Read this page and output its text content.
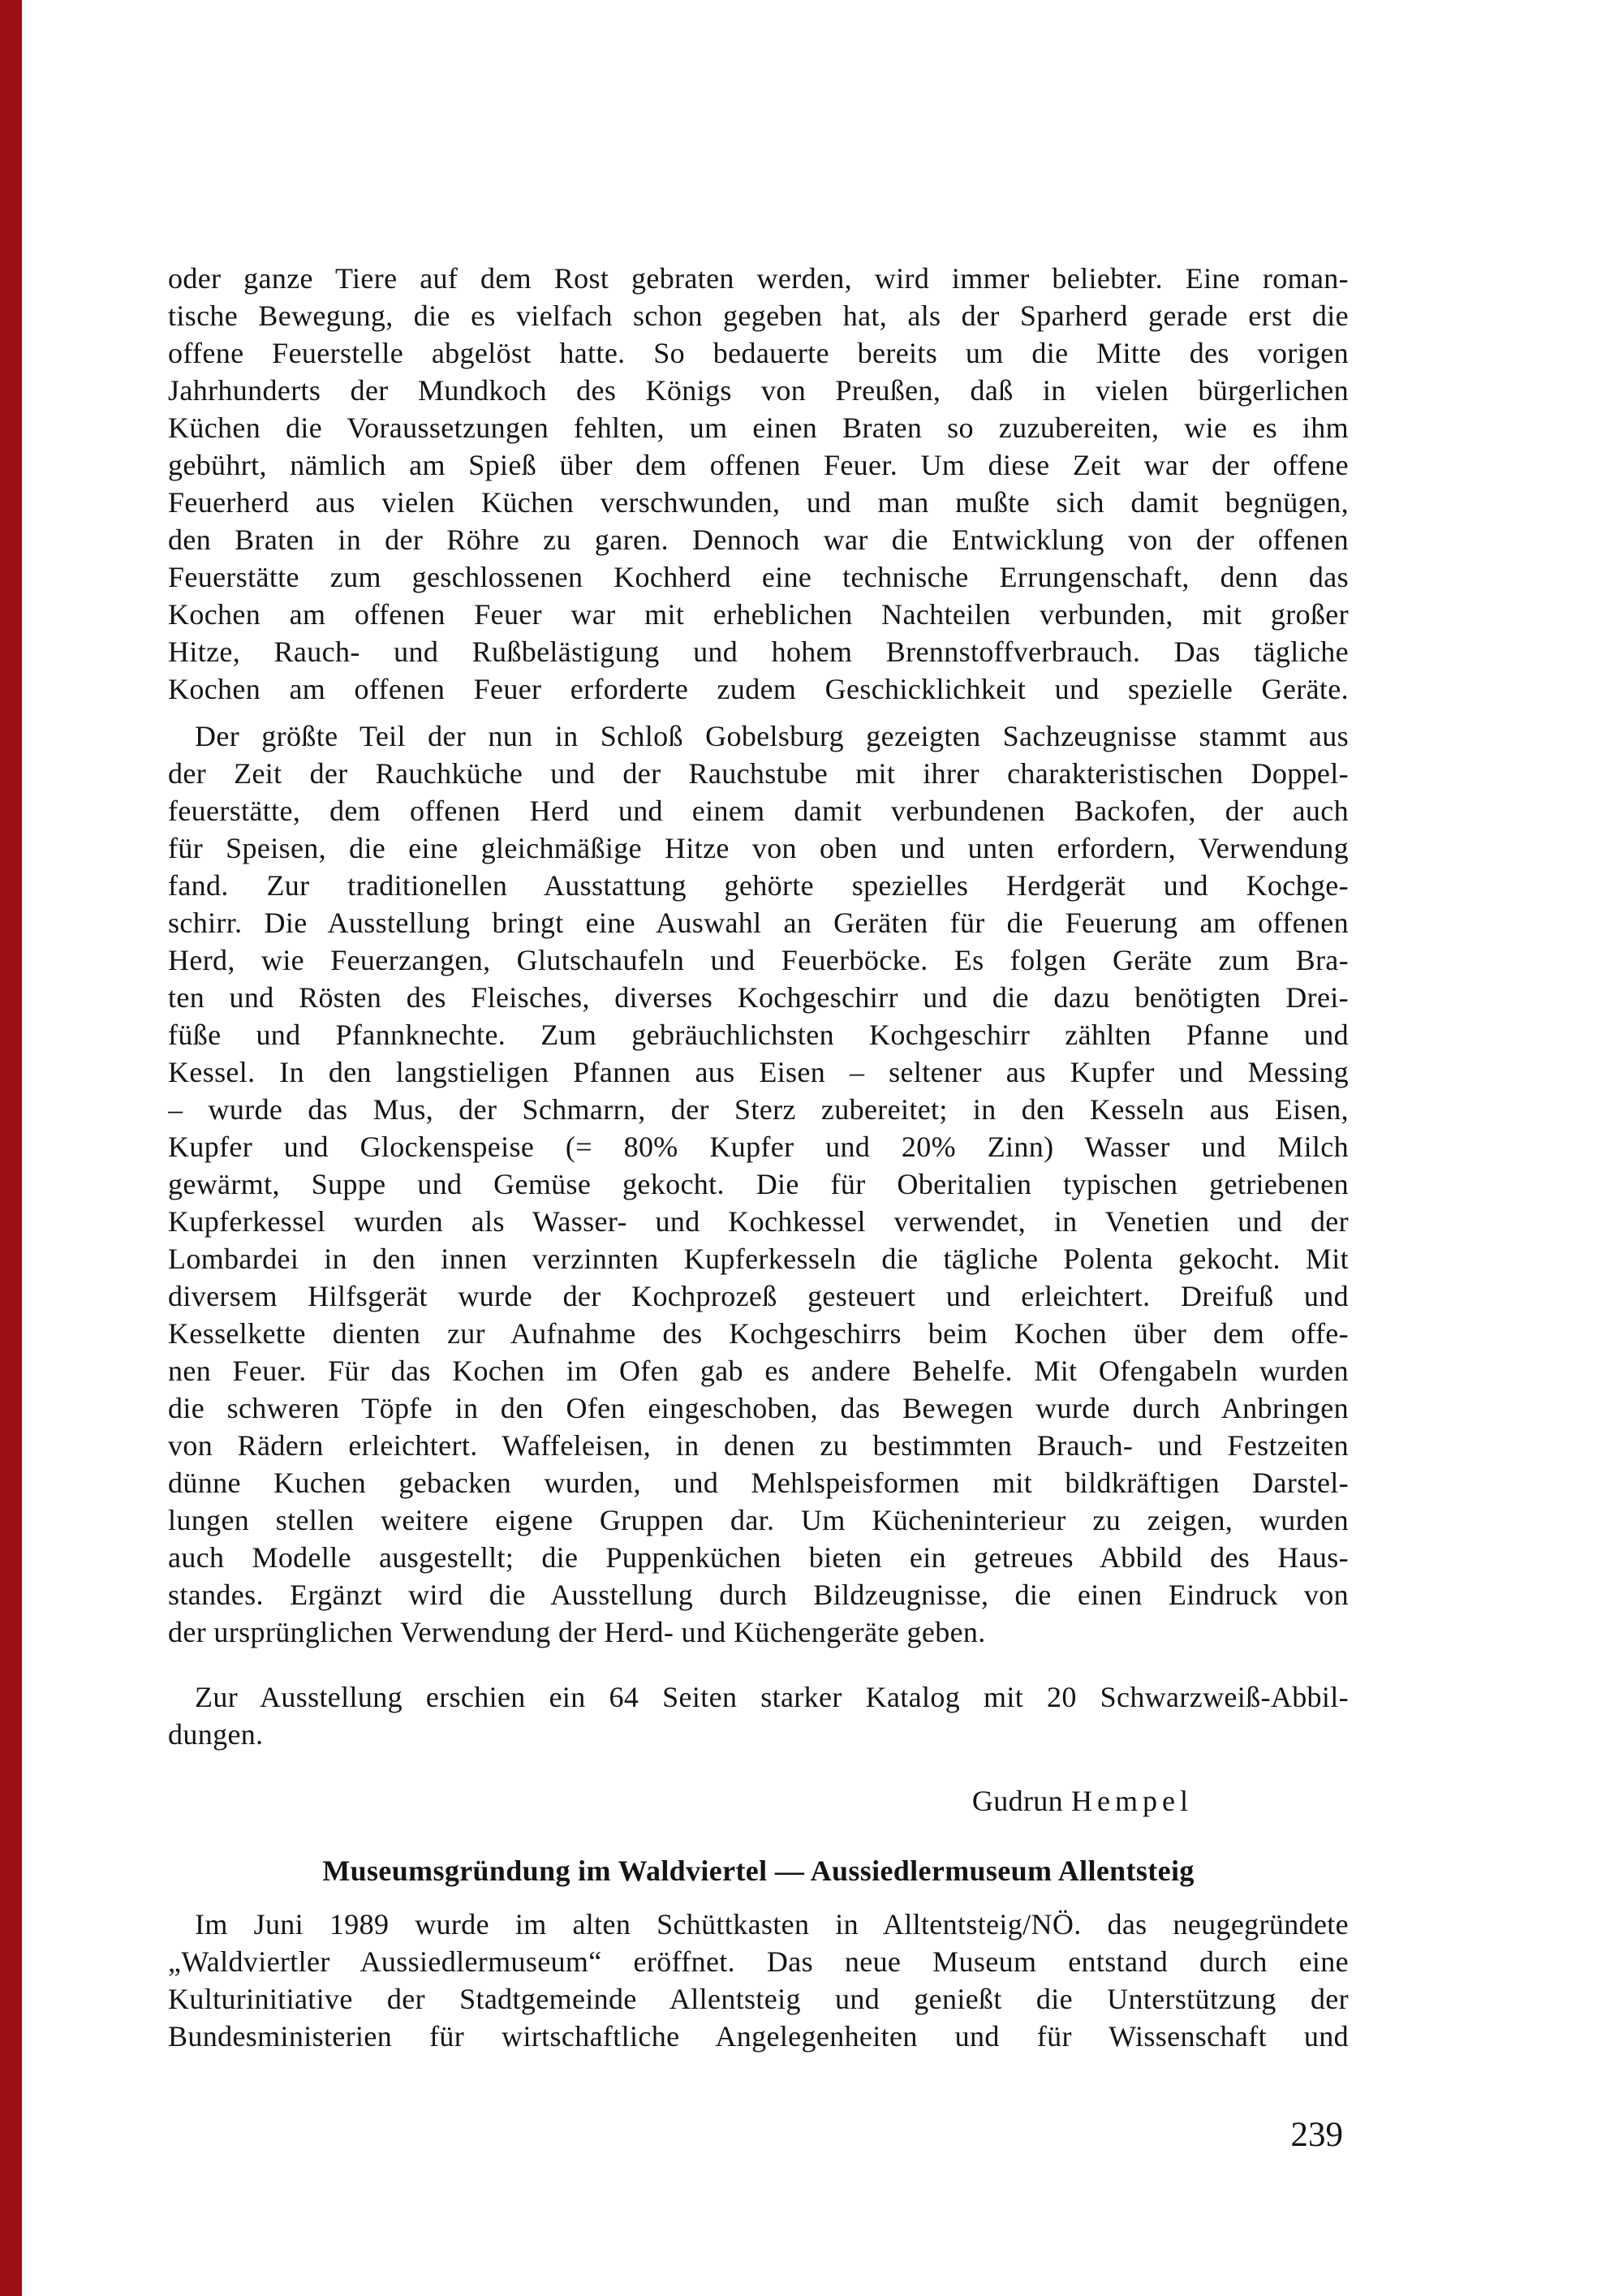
oder ganze Tiere auf dem Rost gebraten werden, wird immer beliebter. Eine roman-
tische Bewegung, die es vielfach schon gegeben hat, als der Sparherd gerade erst die
offene Feuerstelle abgelöst hatte. So bedauerte bereits um die Mitte des vorigen
Jahrhunderts der Mundkoch des Königs von Preußen, daß in vielen bürgerlichen
Küchen die Voraussetzungen fehlten, um einen Braten so zuzubereiten, wie es ihm
gebührt, nämlich am Spieß über dem offenen Feuer. Um diese Zeit war der offene
Feuerherd aus vielen Küchen verschwunden, und man mußte sich damit begnügen,
den Braten in der Röhre zu garen. Dennoch war die Entwicklung von der offenen
Feuerstätte zum geschlossenen Kochherd eine technische Errungenschaft, denn das
Kochen am offenen Feuer war mit erheblichen Nachteilen verbunden, mit großer
Hitze, Rauch- und Rußbelästigung und hohem Brennstoffverbrauch. Das tägliche
Kochen am offenen Feuer erforderte zudem Geschicklichkeit und spezielle Geräte.
Der größte Teil der nun in Schloß Gobelsburg gezeigten Sachzeugnisse stammt aus
der Zeit der Rauchküche und der Rauchstube mit ihrer charakteristischen Doppel-
feuerstätte, dem offenen Herd und einem damit verbundenen Backofen, der auch
für Speisen, die eine gleichmäßige Hitze von oben und unten erfordern, Verwendung
fand. Zur traditionellen Ausstattung gehörte spezielles Herdgerät und Kochge-
schirr. Die Ausstellung bringt eine Auswahl an Geräten für die Feuerung am offenen
Herd, wie Feuerzangen, Glutschaufeln und Feuerböcke. Es folgen Geräte zum Bra-
ten und Rösten des Fleisches, diverses Kochgeschirr und die dazu benötigten Drei-
füße und Pfannknechte. Zum gebräuchlichsten Kochgeschirr zählten Pfanne und
Kessel. In den langstieligen Pfannen aus Eisen – seltener aus Kupfer und Messing
– wurde das Mus, der Schmarrn, der Sterz zubereitet; in den Kesseln aus Eisen,
Kupfer und Glockenspeise (= 80% Kupfer und 20% Zinn) Wasser und Milch
gewärmt, Suppe und Gemüse gekocht. Die für Oberitalien typischen getriebenen
Kupferkessel wurden als Wasser- und Kochkessel verwendet, in Venetien und der
Lombardei in den innen verzinnten Kupferkesseln die tägliche Polenta gekocht. Mit
diversem Hilfsgerät wurde der Kochprozeß gesteuert und erleichtert. Dreifuß und
Kesselkette dienten zur Aufnahme des Kochgeschirrs beim Kochen über dem offe-
nen Feuer. Für das Kochen im Ofen gab es andere Behelfe. Mit Ofengabeln wurden
die schweren Töpfe in den Ofen eingeschoben, das Bewegen wurde durch Anbringen
von Rädern erleichtert. Waffeleisen, in denen zu bestimmten Brauch- und Festzeiten
dünne Kuchen gebacken wurden, und Mehlspeisformen mit bildkräftigen Darstel-
lungen stellen weitere eigene Gruppen dar. Um Kücheninterieur zu zeigen, wurden
auch Modelle ausgestellt; die Puppenküchen bieten ein getreues Abbild des Haus-
standes. Ergänzt wird die Ausstellung durch Bildzeugnisse, die einen Eindruck von
der ursprünglichen Verwendung der Herd- und Küchengeräte geben.
Zur Ausstellung erschien ein 64 Seiten starker Katalog mit 20 Schwarzweiß-Abbil-
dungen.
Gudrun Hempel
Museumsgründung im Waldviertel — Aussiedlermuseum Allentsteig
Im Juni 1989 wurde im alten Schüttkasten in Alltentsteig/NÖ. das neugegründete
„Waldviertler Aussiedlermuseum“ eröffnet. Das neue Museum entstand durch eine
Kulturinitiative der Stadtgemeinde Allentsteig und genießt die Unterstützung der
Bundesministerien für wirtschaftliche Angelegenheiten und für Wissenschaft und
239
